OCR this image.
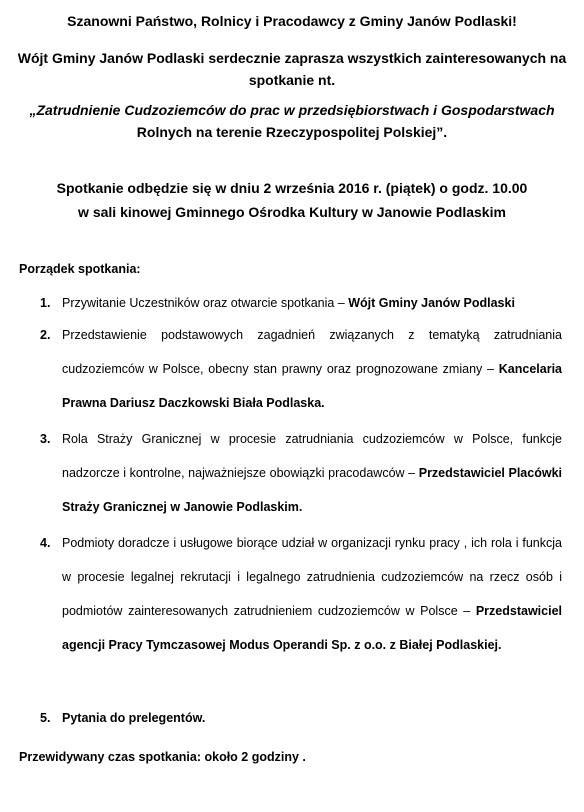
Szanowni Państwo, Rolnicy i Pracodawcy z Gminy Janów Podlaski!
Wójt Gminy Janów Podlaski serdecznie zaprasza wszystkich zainteresowanych na spotkanie nt.
„Zatrudnienie Cudzoziemców do prac w przedsiębiorstwach i Gospodarstwach
Rolnych na terenie Rzeczypospolitej Polskiej”.
Spotkanie odbędzie się w dniu 2 września 2016 r. (piątek) o godz. 10.00
w sali kinowej Gminnego Ośrodka Kultury w Janowie Podlaskim
Porządek spotkania:
1. Przywitanie Uczestników oraz otwarcie spotkania – Wójt Gminy Janów Podlaski
2. Przedstawienie podstawowych zagadnień związanych z tematyką zatrudniania cudzoziemców w Polsce, obecny stan prawny oraz prognozowane zmiany – Kancelaria Prawna Dariusz Daczkowski Biała Podlaska.
3. Rola Straży Granicznej w procesie zatrudniania cudzoziemców w Polsce, funkcje nadzorcze i kontrolne, najważniejsze obowiązki pracodawców – Przedstawiciel Placówki Straży Granicznej w Janowie Podlaskim.
4. Podmioty doradcze i usługowe biorące udział w organizacji rynku pracy , ich rola i funkcja w procesie legalnej rekrutacji i legalnego zatrudnienia cudzoziemców na rzecz osób i podmiotów zainteresowanych zatrudnieniem cudzoziemców w Polsce – Przedstawiciel agencji Pracy Tymczasowej Modus Operandi Sp. z o.o. z Białej Podlaskiej.
5. Pytania do prelegentów.
Przewidywany czas spotkania: około 2 godziny .
